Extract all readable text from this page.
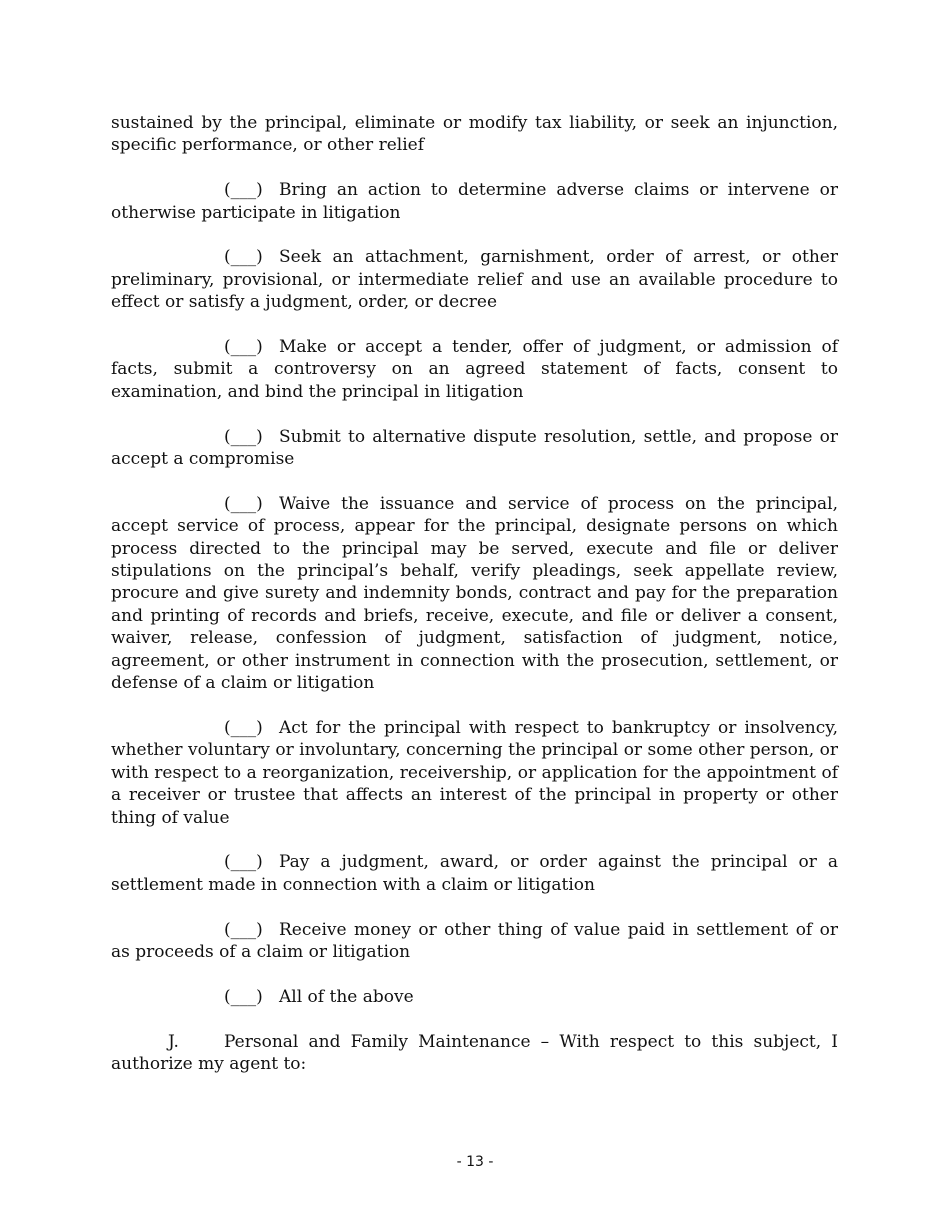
sustained by the principal, eliminate or modify tax liability, or seek an injunction, specific performance, or other relief

(___) Bring an action to determine adverse claims or intervene or otherwise participate in litigation

(___) Seek an attachment, garnishment, order of arrest, or other preliminary, provisional, or intermediate relief and use an available procedure to effect or satisfy a judgment, order, or decree

(___) Make or accept a tender, offer of judgment, or admission of facts, submit a controversy on an agreed statement of facts, consent to examination, and bind the principal in litigation

(___) Submit to alternative dispute resolution, settle, and propose or accept a compromise

(___) Waive the issuance and service of process on the principal, accept service of process, appear for the principal, designate persons on which process directed to the principal may be served, execute and file or deliver stipulations on the principal’s behalf, verify pleadings, seek appellate review, procure and give surety and indemnity bonds, contract and pay for the preparation and printing of records and briefs, receive, execute, and file or deliver a consent, waiver, release, confession of judgment, satisfaction of judgment, notice, agreement, or other instrument in connection with the prosecution, settlement, or defense of a claim or litigation

(___) Act for the principal with respect to bankruptcy or insolvency, whether voluntary or involuntary, concerning the principal or some other person, or with respect to a reorganization, receivership, or application for the appointment of a receiver or trustee that affects an interest of the principal in property or other thing of value

(___) Pay a judgment, award, or order against the principal or a settlement made in connection with a claim or litigation

(___) Receive money or other thing of value paid in settlement of or as proceeds of a claim or litigation

(___) All of the above

J.	Personal and Family Maintenance – With respect to this subject, I authorize my agent to:

- 13 -
